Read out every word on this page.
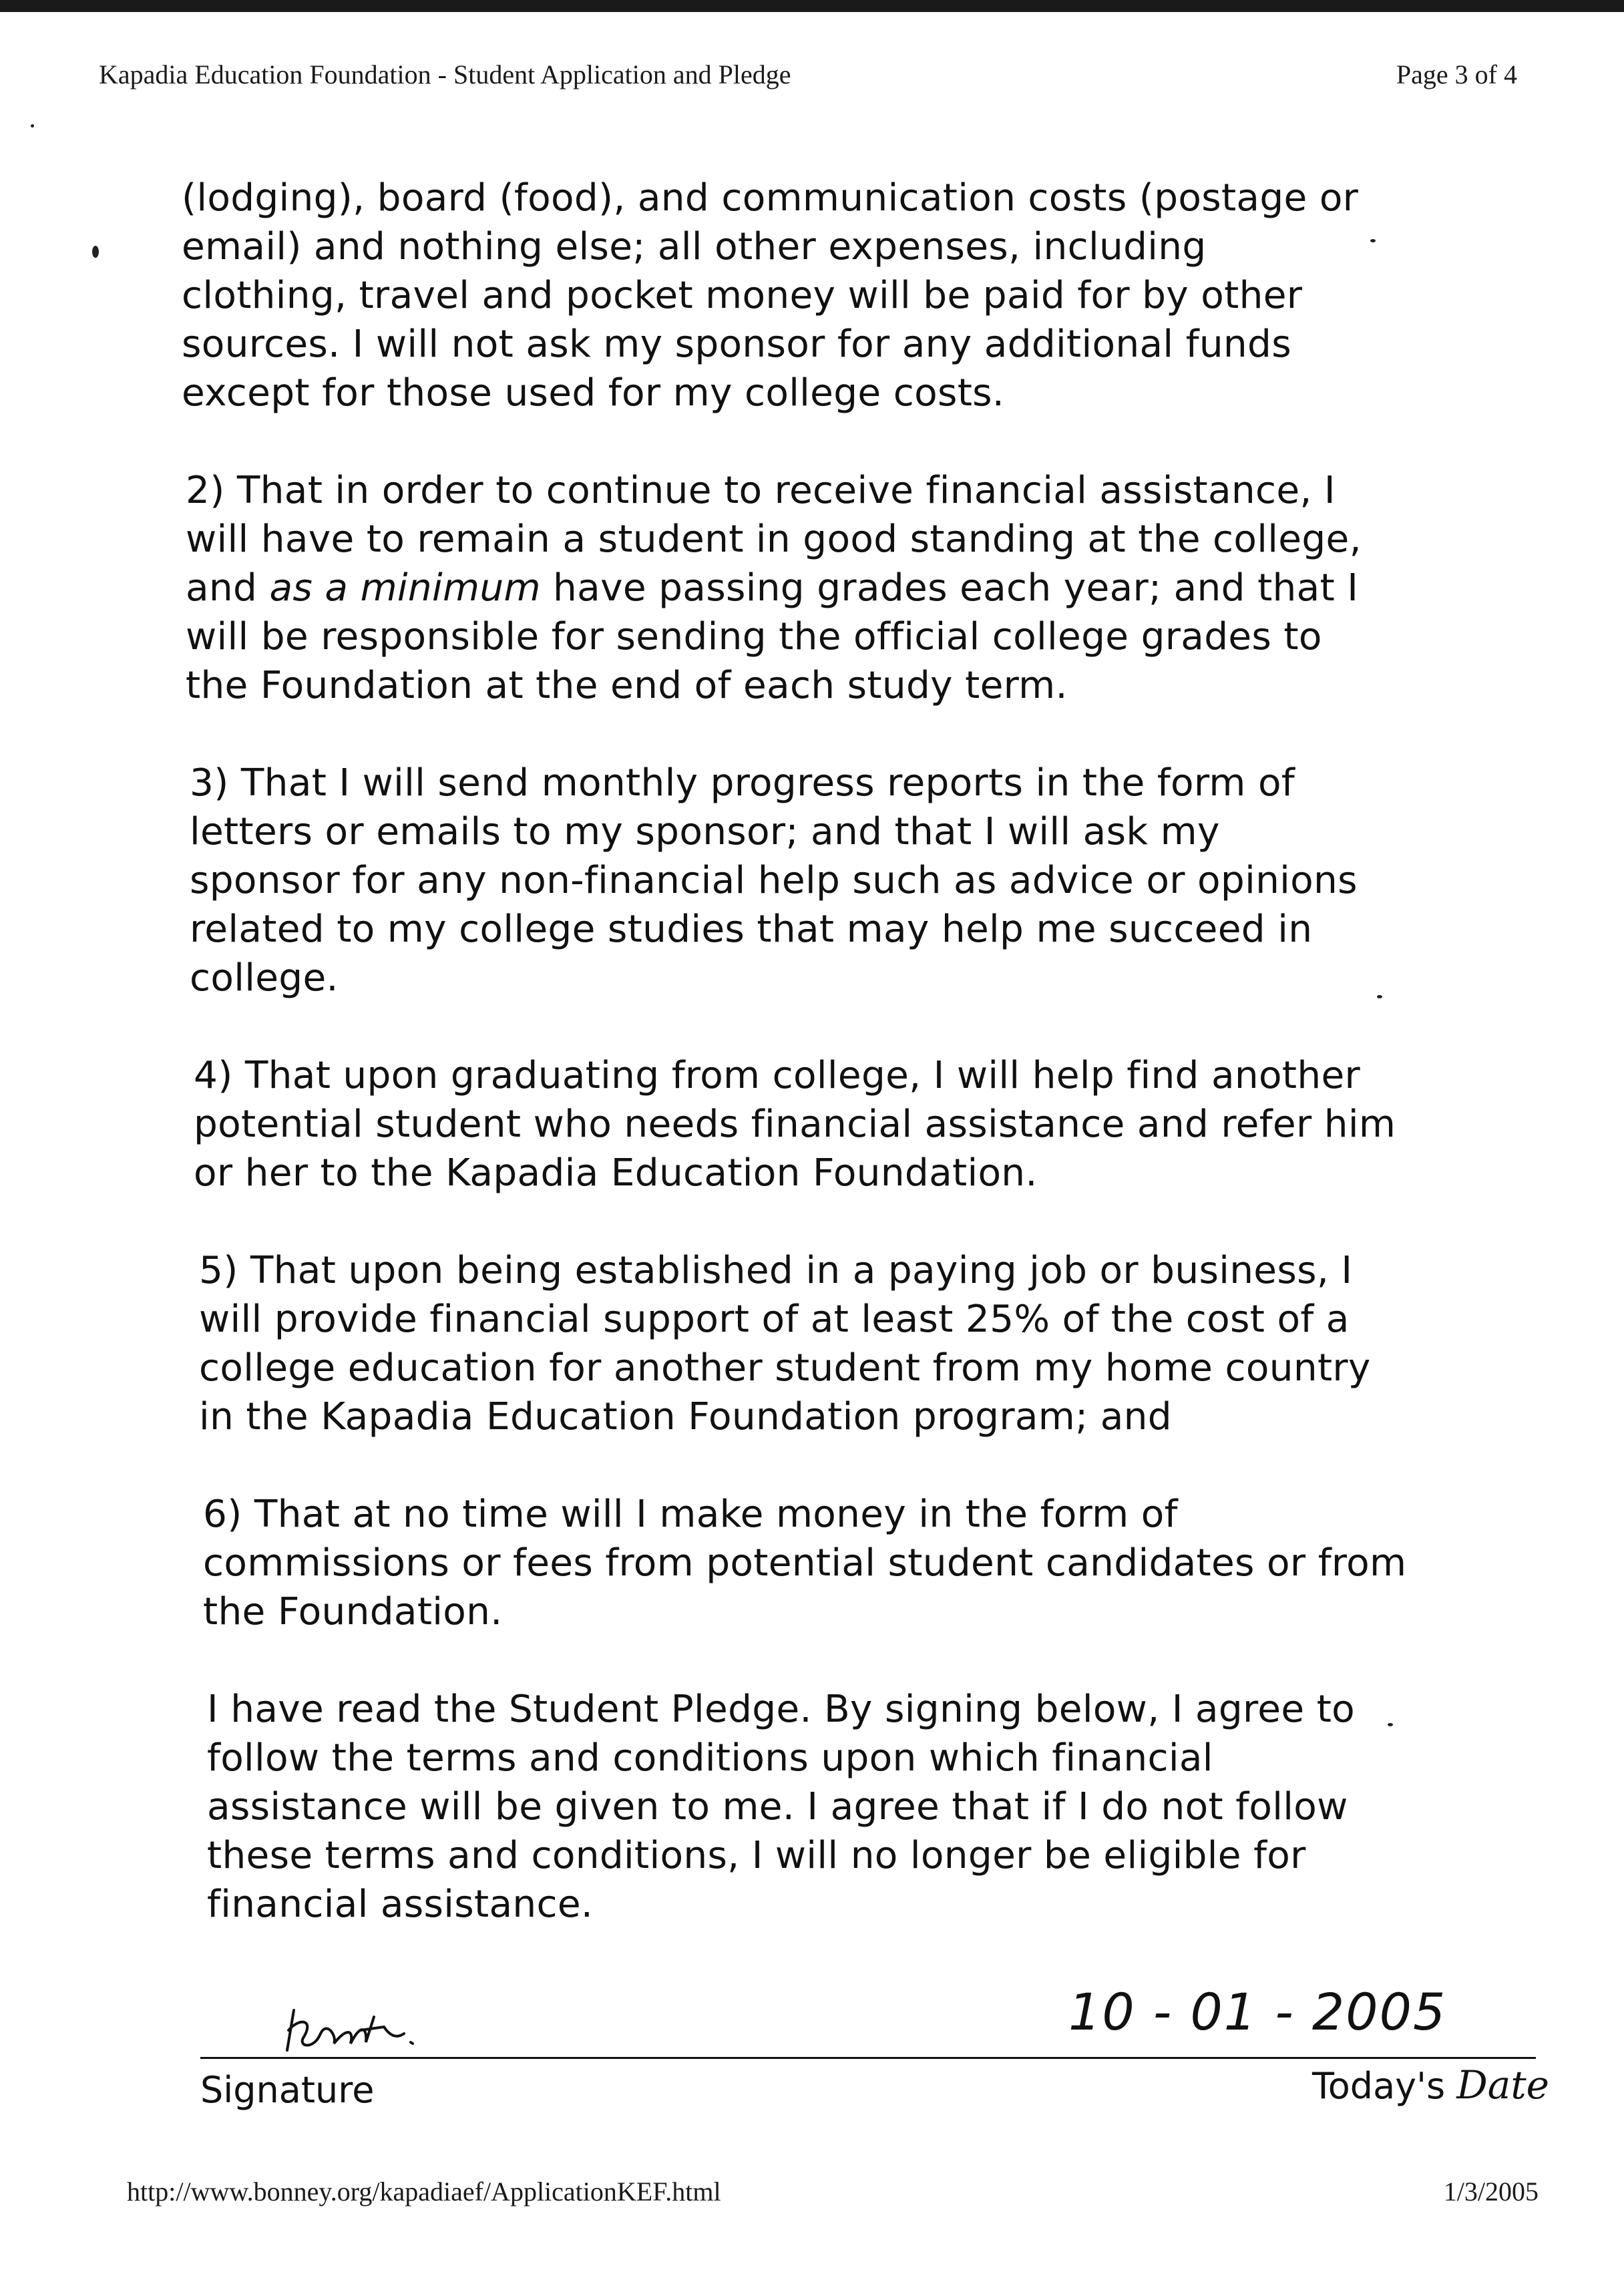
Kapadia Education Foundation - Student Application and Pledge	Page 3 of 4
(lodging), board (food), and communication costs (postage or
email) and nothing else; all other expenses, including
clothing, travel and pocket money will be paid for by other
sources. I will not ask my sponsor for any additional funds
except for those used for my college costs.
2) That in order to continue to receive financial assistance, I
will have to remain a student in good standing at the college,
and as a minimum have passing grades each year; and that I
will be responsible for sending the official college grades to
the Foundation at the end of each study term.
3) That I will send monthly progress reports in the form of
letters or emails to my sponsor; and that I will ask my
sponsor for any non-financial help such as advice or opinions
related to my college studies that may help me succeed in
college.
4) That upon graduating from college, I will help find another
potential student who needs financial assistance and refer him
or her to the Kapadia Education Foundation.
5) That upon being established in a paying job or business, I
will provide financial support of at least 25% of the cost of a
college education for another student from my home country
in the Kapadia Education Foundation program; and
6) That at no time will I make money in the form of
commissions or fees from potential student candidates or from
the Foundation.
I have read the Student Pledge. By signing below, I agree to
follow the terms and conditions upon which financial
assistance will be given to me. I agree that if I do not follow
these terms and conditions, I will no longer be eligible for
financial assistance.
10 - 01 - 2005
Signature	Today's Date
http://www.bonney.org/kapadiaef/ApplicationKEF.html	1/3/2005
